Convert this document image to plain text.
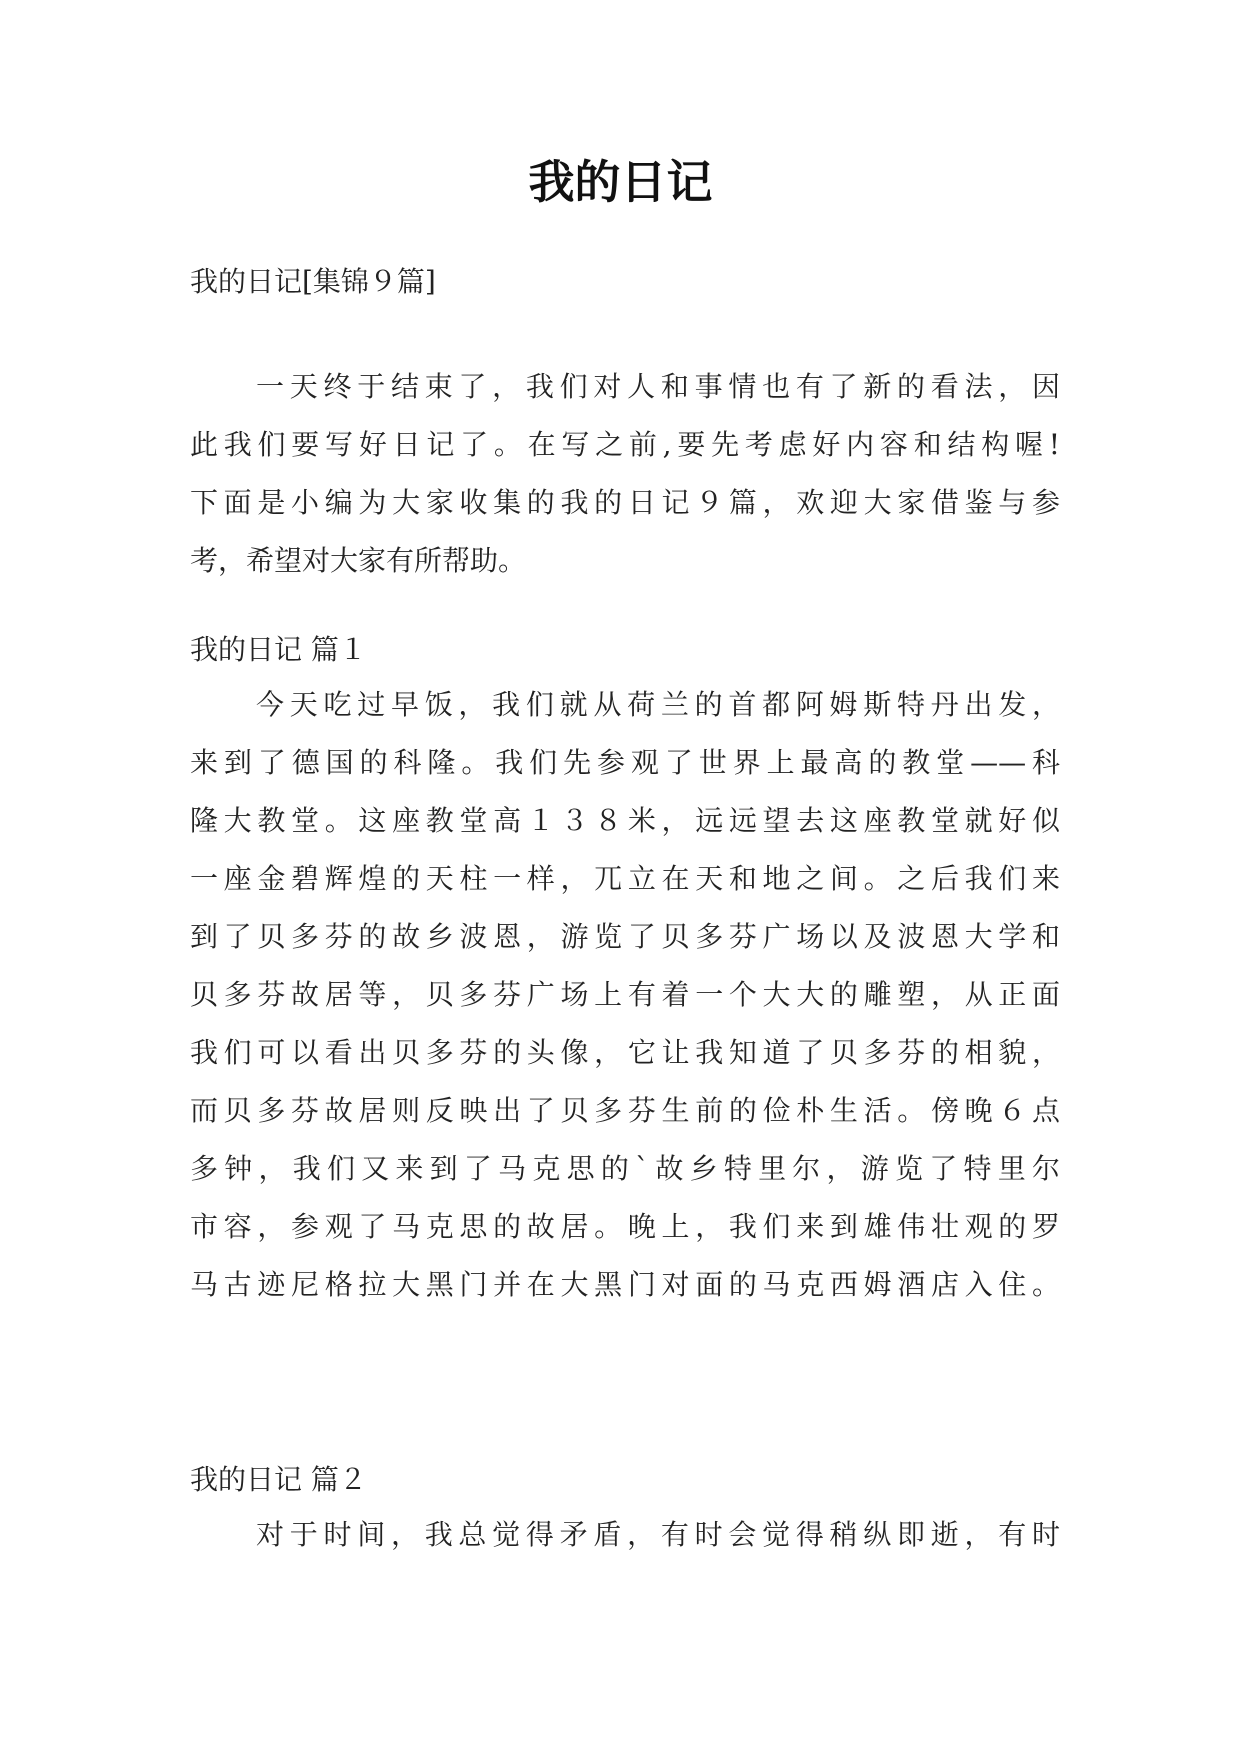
我的日记

我的日记[集锦９篇]

一天终于结束了，我们对人和事情也有了新的看法，因
此我们要写好日记了。在写之前,要先考虑好内容和结构喔!
下面是小编为大家收集的我的日记９篇，欢迎大家借鉴与参
考，希望对大家有所帮助。

我的日记 篇１

今天吃过早饭，我们就从荷兰的首都阿姆斯特丹出发，
来到了德国的科隆。我们先参观了世界上最高的教堂——科
隆大教堂。这座教堂高１３８米，远远望去这座教堂就好似
一座金碧辉煌的天柱一样，兀立在天和地之间。之后我们来
到了贝多芬的故乡波恩，游览了贝多芬广场以及波恩大学和
贝多芬故居等，贝多芬广场上有着一个大大的雕塑，从正面
我们可以看出贝多芬的头像，它让我知道了贝多芬的相貌，
而贝多芬故居则反映出了贝多芬生前的俭朴生活。傍晚６点
多钟，我们又来到了马克思的`故乡特里尔，游览了特里尔
市容，参观了马克思的故居。晚上，我们来到雄伟壮观的罗
马古迹尼格拉大黑门并在大黑门对面的马克西姆酒店入住。

我的日记 篇２

对于时间，我总觉得矛盾，有时会觉得稍纵即逝，有时
